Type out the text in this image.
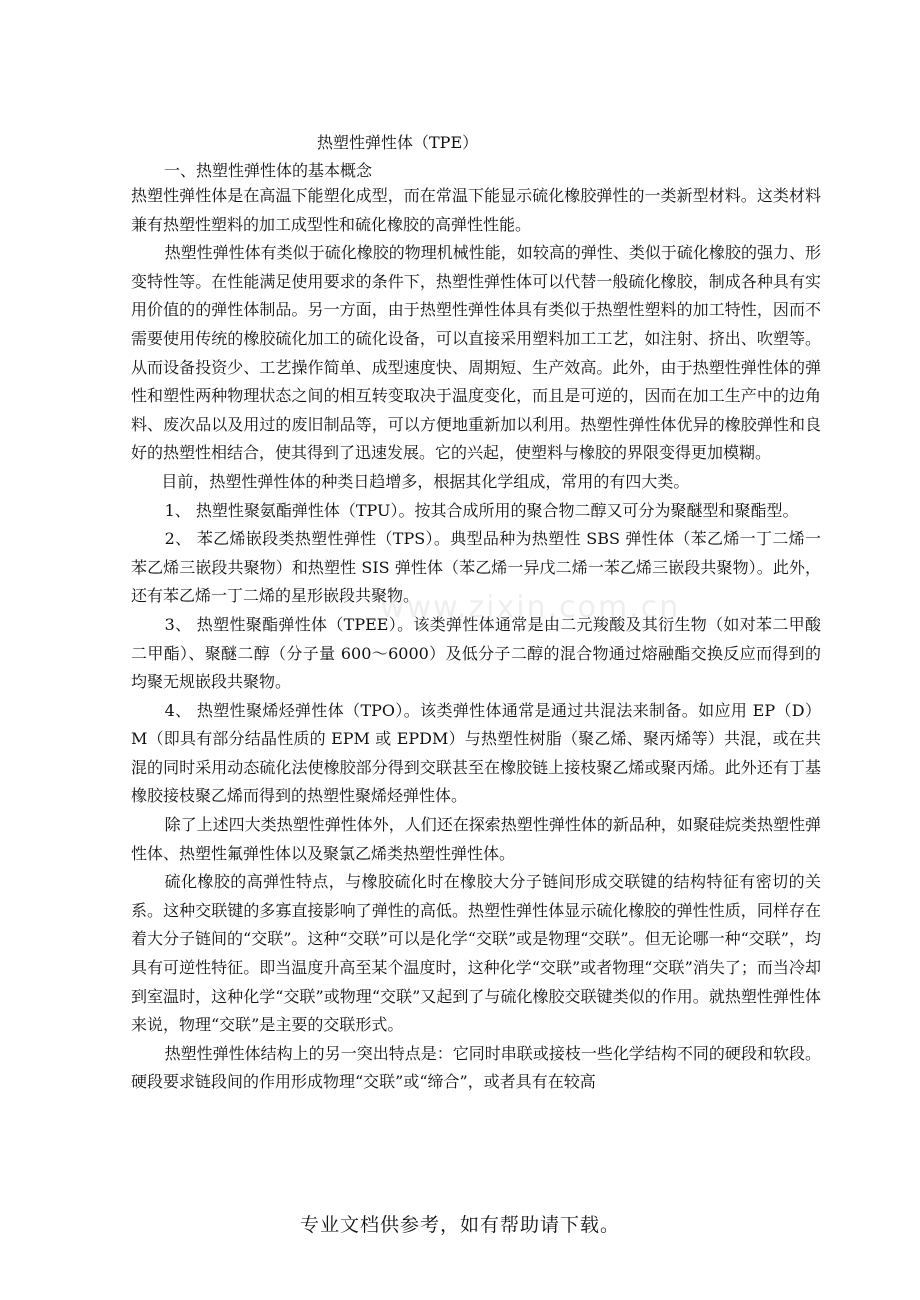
www.zixin.com.cn
热塑性弹性体（TPE）
一、热塑性弹性体的基本概念

热塑性弹性体是在高温下能塑化成型，而在常温下能显示硫化橡胶弹性的一类新型材料。这类材料兼有热塑性塑料的加工成型性和硫化橡胶的高弹性性能。

热塑性弹性体有类似于硫化橡胶的物理机械性能，如较高的弹性、类似于硫化橡胶的强力、形变特性等。在性能满足使用要求的条件下，热塑性弹性体可以代替一般硫化橡胶，制成各种具有实用价值的的弹性体制品。另一方面，由于热塑性弹性体具有类似于热塑性塑料的加工特性，因而不需要使用传统的橡胶硫化加工的硫化设备，可以直接采用塑料加工工艺，如注射、挤出、吹塑等。从而设备投资少、工艺操作简单、成型速度快、周期短、生产效高。此外，由于热塑性弹性体的弹性和塑性两种物理状态之间的相互转变取决于温度变化，而且是可逆的，因而在加工生产中的边角料、废次品以及用过的废旧制品等，可以方便地重新加以利用。热塑性弹性体优异的橡胶弹性和良好的热塑性相结合，使其得到了迅速发展。它的兴起，使塑料与橡胶的界限变得更加模糊。

目前，热塑性弹性体的种类日趋增多，根据其化学组成，常用的有四大类。

1、 热塑性聚氨酯弹性体（TPU）。按其合成所用的聚合物二醇又可分为聚醚型和聚酯型。

2、 苯乙烯嵌段类热塑性弹性（TPS）。典型品种为热塑性 SBS 弹性体（苯乙烯一丁二烯一苯乙烯三嵌段共聚物）和热塑性 SIS 弹性体（苯乙烯一异戊二烯一苯乙烯三嵌段共聚物）。此外，还有苯乙烯一丁二烯的星形嵌段共聚物。

3、 热塑性聚酯弹性体（TPEE）。该类弹性体通常是由二元羧酸及其衍生物（如对苯二甲酸二甲酯）、聚醚二醇（分子量 600～6000）及低分子二醇的混合物通过熔融酯交换反应而得到的均聚无规嵌段共聚物。

4、 热塑性聚烯烃弹性体（TPO）。该类弹性体通常是通过共混法来制备。如应用 EP（D）M（即具有部分结晶性质的 EPM 或 EPDM）与热塑性树脂（聚乙烯、聚丙烯等）共混，或在共混的同时采用动态硫化法使橡胶部分得到交联甚至在橡胶链上接枝聚乙烯或聚丙烯。此外还有丁基橡胶接枝聚乙烯而得到的热塑性聚烯烃弹性体。

除了上述四大类热塑性弹性体外，人们还在探索热塑性弹性体的新品种，如聚硅烷类热塑性弹性体、热塑性氟弹性体以及聚氯乙烯类热塑性弹性体。

硫化橡胶的高弹性特点，与橡胶硫化时在橡胶大分子链间形成交联键的结构特征有密切的关系。这种交联键的多寡直接影响了弹性的高低。热塑性弹性体显示硫化橡胶的弹性性质，同样存在着大分子链间的“交联”。这种“交联”可以是化学“交联”或是物理“交联”。但无论哪一种“交联”，均具有可逆性特征。即当温度升高至某个温度时，这种化学“交联”或者物理“交联”消失了；而当冷却到室温时，这种化学“交联”或物理“交联”又起到了与硫化橡胶交联键类似的作用。就热塑性弹性体来说，物理“交联”是主要的交联形式。

热塑性弹性体结构上的另一突出特点是：它同时串联或接枝一些化学结构不同的硬段和软段。硬段要求链段间的作用形成物理“交联”或“缔合”，或者具有在较高

专业文档供参考，如有帮助请下载。
